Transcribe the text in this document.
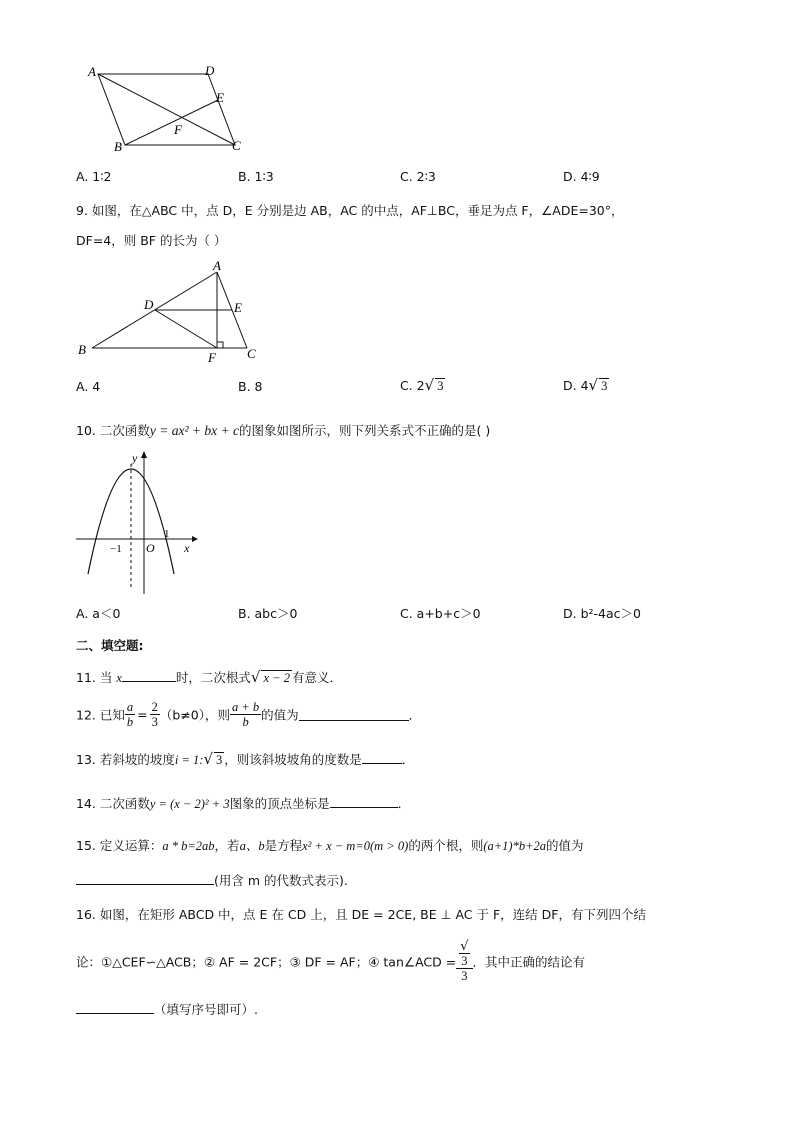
A	D
E
F
B	C
A. 1∶2	B. 1∶3	C. 2∶3	D. 4∶9
9. 如图，在△ABC 中，点 D，E 分别是边 AB，AC 的中点，AF⊥BC，垂足为点 F，∠ADE=30°，
DF=4，则 BF 的长为（ ）
A
D	E
B
F C
A. 4	B. 8	C. 2√ 3	D. 4√ 3
10. 二次函数y = ax² + bx + c的图象如图所示，则下列关系式不正确的是( )
y
x
O
−1
1
A. a＜0	B. abc＞0	C. a+b+c＞0	D. b²-4ac＞0
二、填空题:
11. 当 x	时，二次根式√ x − 2 有意义．
12. 已知 $\frac{a}{b} = \frac{2}{3} (b\ne 0)$，则 $\frac{a + b}{b}$ 的值为	．
13. 若斜坡的坡度i = 1:√ 3 ，则该斜坡坡角的度数是	．
14. 二次函数y = (x − 2)² + 3图象的顶点坐标是	．
15. 定义运算：a * b=2ab，若a、b是方程x² + x − m=0(m > 0)的两个根，则(a+1)*b+2a的值为
(用含 m 的代数式表示).
16. 如图，在矩形 ABCD 中，点 E 在 CD 上，且 DE = 2CE, BE ⊥ AC 于 F，连结 DF，有下列四个结
论：①△CEF∽△ACB；② AF = 2CF；③ DF = AF；④ tan∠ACD = √
3
3 ．其中正确的结论有
（填写序号即可）.
